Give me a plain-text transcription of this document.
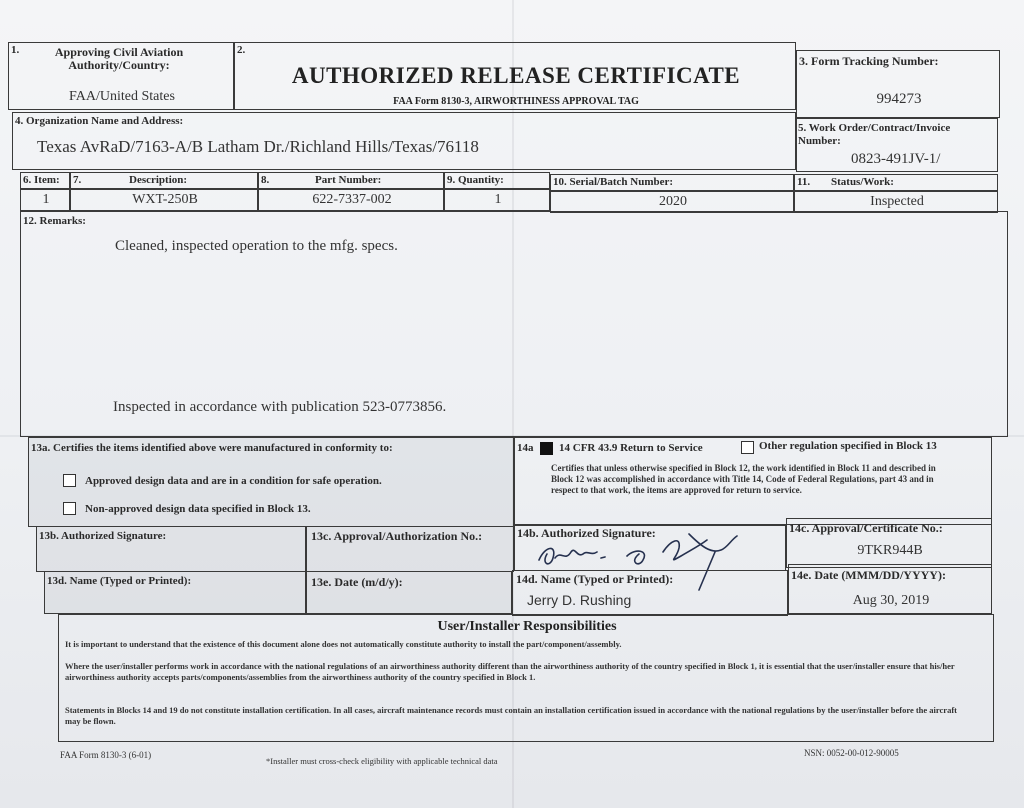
1.	Approving Civil Aviation Authority/Country:
FAA/United States
2.
AUTHORIZED RELEASE CERTIFICATE
FAA Form 8130-3, AIRWORTHINESS APPROVAL TAG
3. Form Tracking Number:
994273
4. Organization Name and Address:
Texas AvRaD/7163-A/B Latham Dr./Richland Hills/Texas/76118
5. Work Order/Contract/Invoice Number:
0823-491JV-1/
6. Item: 7.	Description:	8.	Part Number:	9. Quantity:	10. Serial/Batch Number:	11. Status/Work:
1	WXT-250B	622-7337-002	1	2020	Inspected
12. Remarks:
Cleaned, inspected operation to the mfg. specs.
Inspected in accordance with publication 523-0773856.
13a. Certifies the items identified above were manufactured in conformity to:
Approved design data and are in a condition for safe operation.
Non-approved design data specified in Block 13.
14a 14 CFR 43.9 Return to Service	Other regulation specified in Block 13
Certifies that unless otherwise specified in Block 12, the work identified in Block 11 and described in Block 12 was accomplished in accordance with Title 14, Code of Federal Regulations, part 43 and in respect to that work, the items are approved for return to service.
13b. Authorized Signature:	13c. Approval/Authorization No.:	14b. Authorized Signature:	14c. Approval/Certificate No.:
9TKR944B
13d. Name (Typed or Printed):	13e. Date (m/d/y):	14d. Name (Typed or Printed):
Jerry D. Rushing
14e. Date (MMM/DD/YYYY):
Aug 30, 2019
User/Installer Responsibilities
It is important to understand that the existence of this document alone does not automatically constitute authority to install the part/component/assembly.
Where the user/installer performs work in accordance with the national regulations of an airworthiness authority different than the airworthiness authority of the country specified in Block 1, it is essential that the user/installer ensure that his/her airworthiness authority accepts parts/components/assemblies from the airworthiness authority of the country specified in Block 1.
Statements in Blocks 14 and 19 do not constitute installation certification. In all cases, aircraft maintenance records must contain an installation certification issued in accordance with the national regulations by the user/installer before the aircraft may be flown.
FAA Form 8130-3 (6-01)
*Installer must cross-check eligibility with applicable technical data
NSN: 0052-00-012-90005
